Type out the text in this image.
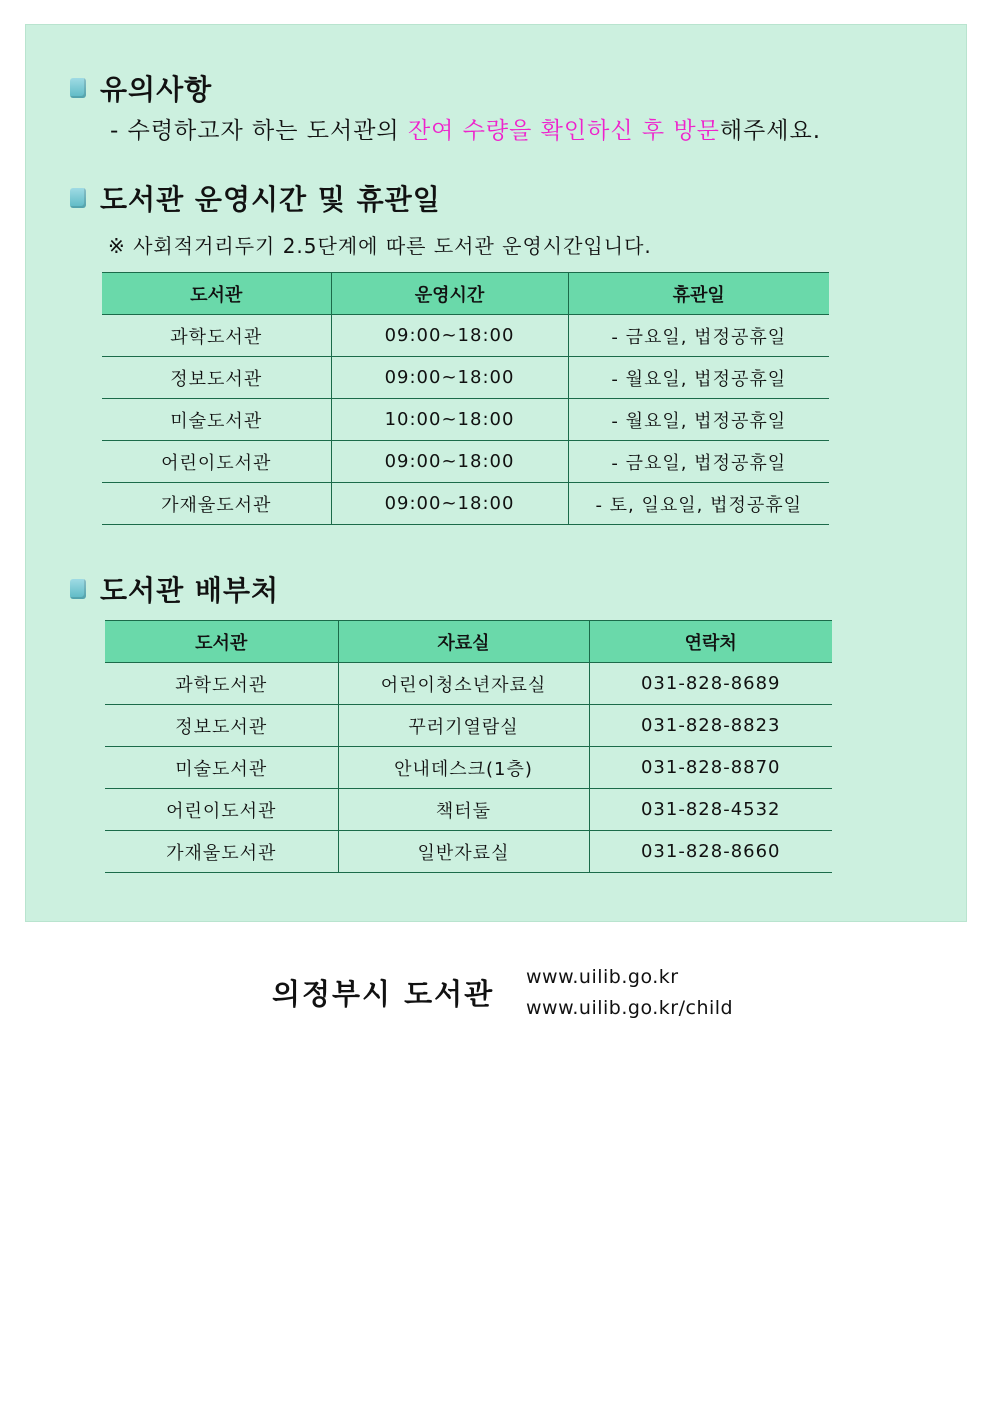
유의사항
- 수령하고자 하는 도서관의 잔여 수량을 확인하신 후 방문해주세요.
도서관 운영시간 및 휴관일
※ 사회적거리두기 2.5단계에 따른 도서관 운영시간입니다.
도서관	운영시간	휴관일
과학도서관	09:00~18:00	- 금요일, 법정공휴일
정보도서관	09:00~18:00	- 월요일, 법정공휴일
미술도서관	10:00~18:00	- 월요일, 법정공휴일
어린이도서관	09:00~18:00	- 금요일, 법정공휴일
가재울도서관	09:00~18:00	- 토, 일요일, 법정공휴일
도서관 배부처
도서관	자료실	연락처
과학도서관	어린이청소년자료실	031-828-8689
정보도서관	꾸러기열람실	031-828-8823
미술도서관	안내데스크(1층)	031-828-8870
어린이도서관	책터둘	031-828-4532
가재울도서관	일반자료실	031-828-8660
의정부시 도서관 www.uilib.go.kr
www.uilib.go.kr/child
